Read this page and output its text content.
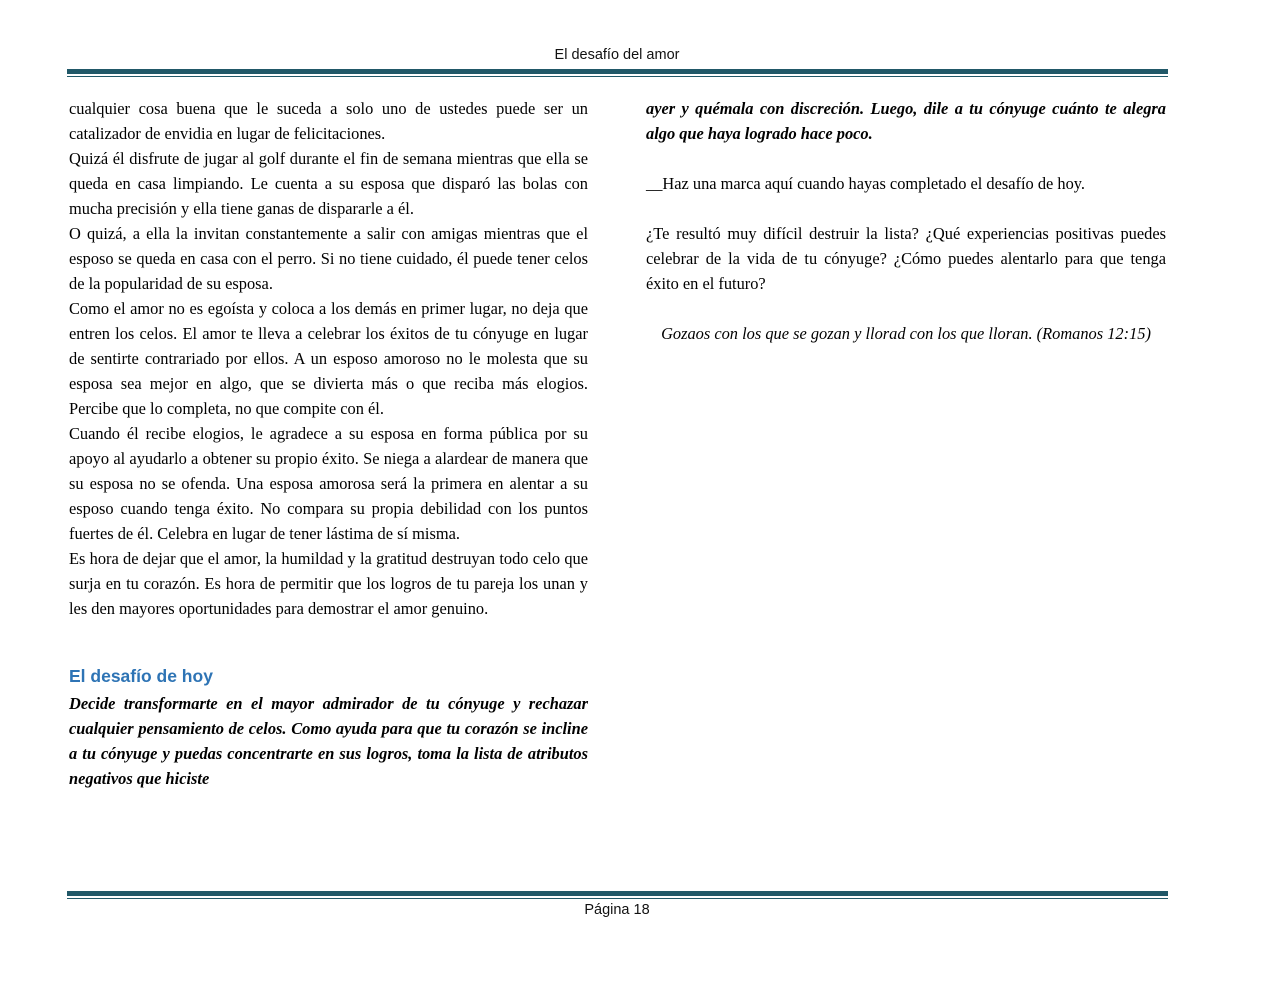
El desafío del amor

cualquier cosa buena que le suceda a solo uno de ustedes puede ser un catalizador de envidia en lugar de felicitaciones.

Quizá él disfrute de jugar al golf durante el fin de semana mientras que ella se queda en casa limpiando. Le cuenta a su esposa que disparó las bolas con mucha precisión y ella tiene ganas de dispararle a él.

O quizá, a ella la invitan constantemente a salir con amigas mientras que el esposo se queda en casa con el perro. Si no tiene cuidado, él puede tener celos de la popularidad de su esposa.

Como el amor no es egoísta y coloca a los demás en primer lugar, no deja que entren los celos. El amor te lleva a celebrar los éxitos de tu cónyuge en lugar de sentirte contrariado por ellos. A un esposo amoroso no le molesta que su esposa sea mejor en algo, que se divierta más o que reciba más elogios. Percibe que lo completa, no que compite con él.

Cuando él recibe elogios, le agradece a su esposa en forma pública por su apoyo al ayudarlo a obtener su propio éxito. Se niega a alardear de manera que su esposa no se ofenda. Una esposa amorosa será la primera en alentar a su esposo cuando tenga éxito. No compara su propia debilidad con los puntos fuertes de él. Celebra en lugar de tener lástima de sí misma.

Es hora de dejar que el amor, la humildad y la gratitud destruyan todo celo que surja en tu corazón. Es hora de permitir que los logros de tu pareja los unan y les den mayores oportunidades para demostrar el amor genuino.

El desafío de hoy

Decide transformarte en el mayor admirador de tu cónyuge y rechazar cualquier pensamiento de celos. Como ayuda para que tu corazón se incline a tu cónyuge y puedas concentrarte en sus logros, toma la lista de atributos negativos que hiciste

ayer y quémala con discreción. Luego, dile a tu cónyuge cuánto te alegra algo que haya logrado hace poco.

__Haz una marca aquí cuando hayas completado el desafío de hoy.

¿Te resultó muy difícil destruir la lista? ¿Qué experiencias positivas puedes celebrar de la vida de tu cónyuge? ¿Cómo puedes alentarlo para que tenga éxito en el futuro?

Gozaos con los que se gozan y llorad con los que lloran. (Romanos 12:15)

Página 18
